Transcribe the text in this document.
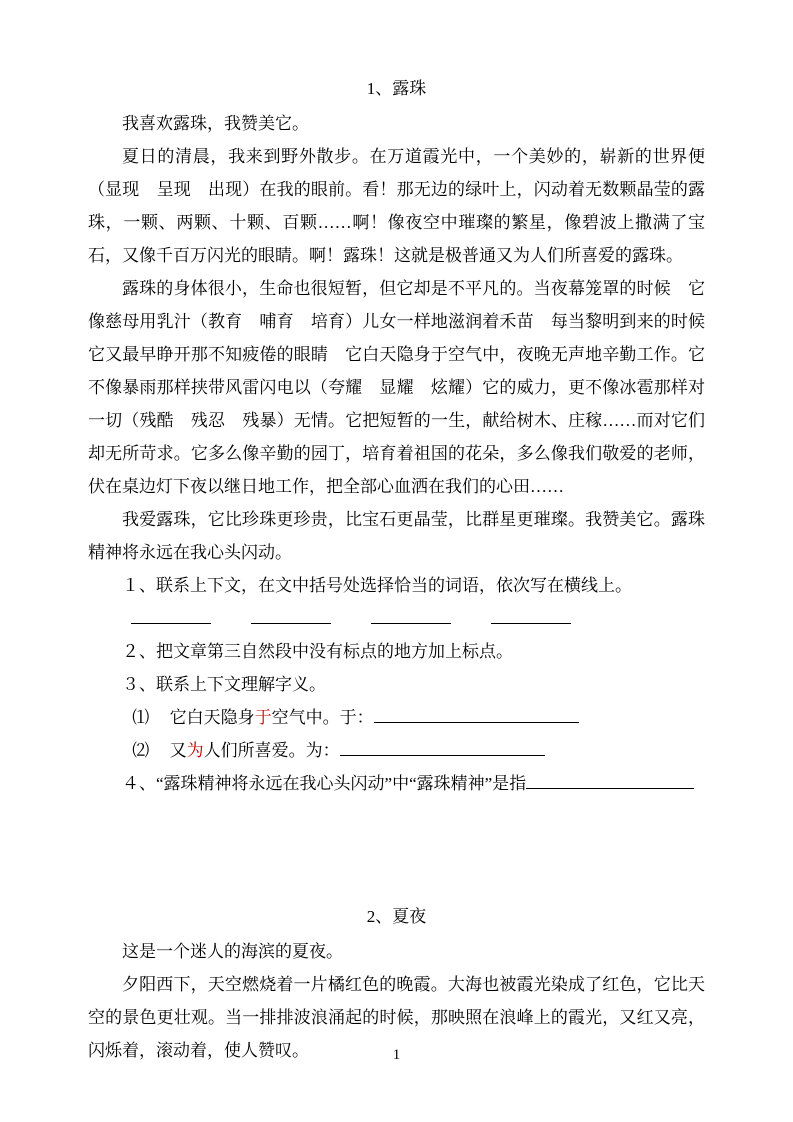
1、露珠

我喜欢露珠，我赞美它。

夏日的清晨，我来到野外散步。在万道霞光中，一个美妙的，崭新的世界便（显现　呈现　出现）在我的眼前。看！那无边的绿叶上，闪动着无数颗晶莹的露珠，一颗、两颗、十颗、百颗……啊！像夜空中璀璨的繁星，像碧波上撒满了宝石，又像千百万闪光的眼睛。啊！露珠！这就是极普通又为人们所喜爱的露珠。

露珠的身体很小，生命也很短暂，但它却是不平凡的。当夜幕笼罩的时候　它像慈母用乳汁（教育　哺育　培育）儿女一样地滋润着禾苗　每当黎明到来的时候　它又最早睁开那不知疲倦的眼睛　它白天隐身于空气中，夜晚无声地辛勤工作。它不像暴雨那样挟带风雷闪电以（夸耀　显耀　炫耀）它的威力，更不像冰雹那样对一切（残酷　残忍　残暴）无情。它把短暂的一生，献给树木、庄稼……而对它们却无所苛求。它多么像辛勤的园丁，培育着祖国的花朵，多么像我们敬爱的老师，伏在桌边灯下夜以继日地工作，把全部心血洒在我们的心田……

我爱露珠，它比珍珠更珍贵，比宝石更晶莹，比群星更璀璨。我赞美它。露珠精神将永远在我心头闪动。

１、联系上下文，在文中括号处选择恰当的词语，依次写在横线上。

２、把文章第三自然段中没有标点的地方加上标点。

３、联系上下文理解字义。

⑴ 它白天隐身于空气中。于：

⑵ 又为人们所喜爱。为：

４、“露珠精神将永远在我心头闪动”中“露珠精神”是指

2、夏夜

这是一个迷人的海滨的夏夜。

夕阳西下，天空燃烧着一片橘红色的晚霞。大海也被霞光染成了红色，它比天空的景色更壮观。当一排排波浪涌起的时候，那映照在浪峰上的霞光，又红又亮，闪烁着，滚动着，使人赞叹。	1
